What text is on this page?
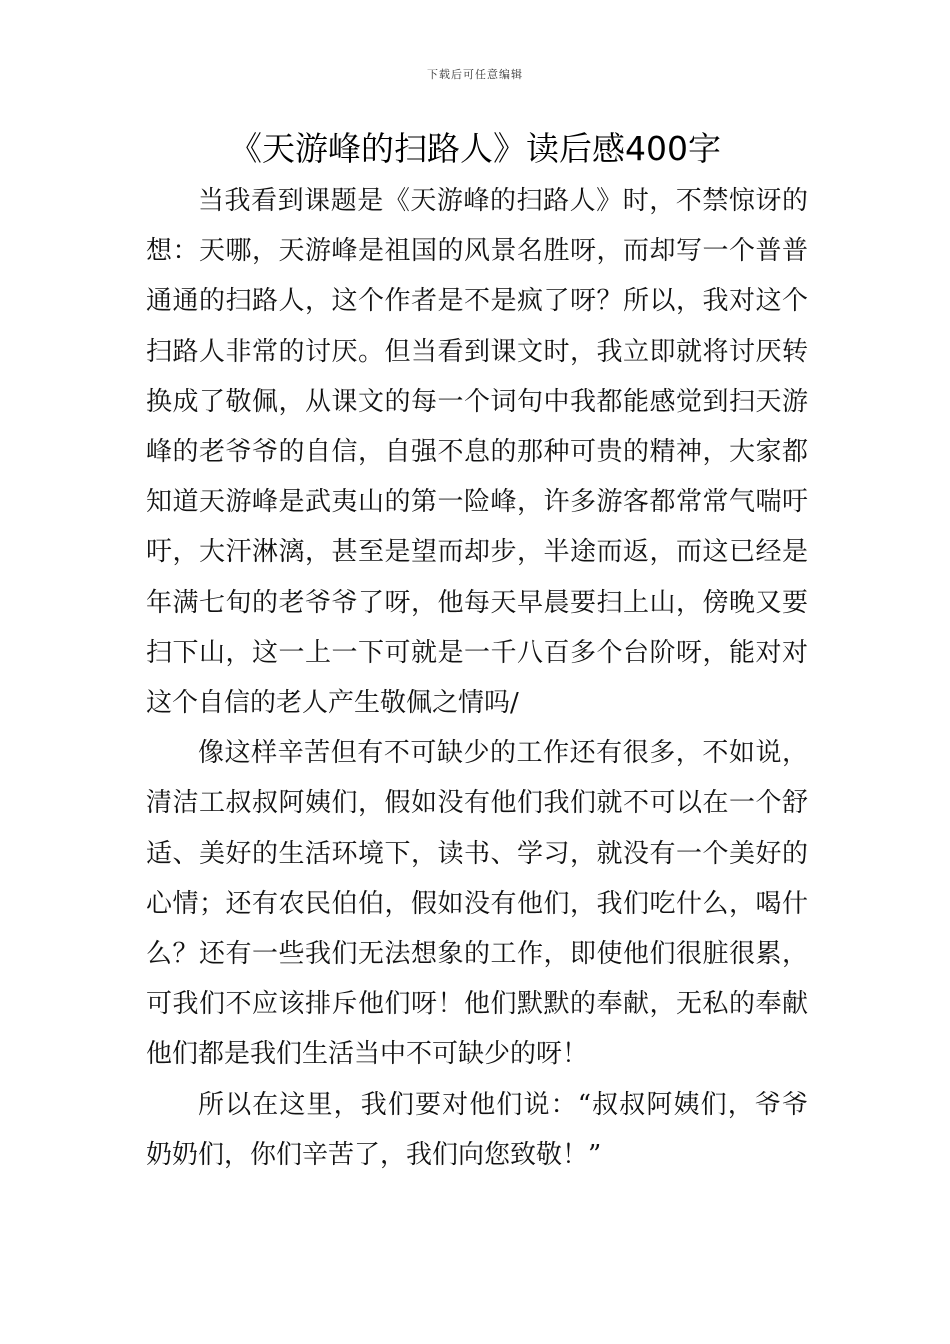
下载后可任意编辑
《天游峰的扫路人》读后感400字

当我看到课题是《天游峰的扫路人》时，不禁惊讶的想：天哪，天游峰是祖国的风景名胜呀，而却写一个普普通通的扫路人，这个作者是不是疯了呀？所以，我对这个扫路人非常的讨厌。但当看到课文时，我立即就将讨厌转换成了敬佩，从课文的每一个词句中我都能感觉到扫天游峰的老爷爷的自信，自强不息的那种可贵的精神，大家都知道天游峰是武夷山的第一险峰，许多游客都常常气喘吁吁，大汗淋漓，甚至是望而却步，半途而返，而这已经是年满七旬的老爷爷了呀，他每天早晨要扫上山，傍晚又要扫下山，这一上一下可就是一千八百多个台阶呀，能对对这个自信的老人产生敬佩之情吗/

像这样辛苦但有不可缺少的工作还有很多，不如说，清洁工叔叔阿姨们，假如没有他们我们就不可以在一个舒适、美好的生活环境下，读书、学习，就没有一个美好的心情；还有农民伯伯，假如没有他们，我们吃什么，喝什么？还有一些我们无法想象的工作，即使他们很脏很累，可我们不应该排斥他们呀！他们默默的奉献，无私的奉献他们都是我们生活当中不可缺少的呀！

所以在这里，我们要对他们说：“叔叔阿姨们，爷爷奶奶们，你们辛苦了，我们向您致敬！”
